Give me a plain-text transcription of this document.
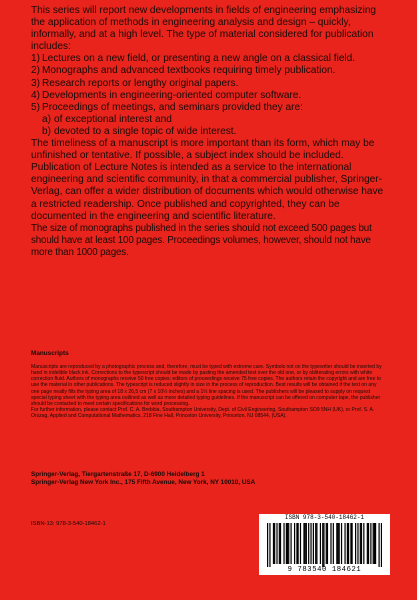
This series will report new developments in fields of engineering emphasizing the application of methods in engineering analysis and design – quickly, informally, and at a high level. The type of material considered for publication includes:

1) Lectures on a new field, or presenting a new angle on a classical field.
2) Monographs and advanced textbooks requiring timely publication.
3) Research reports or lengthy original papers.
4) Developments in engineering-oriented computer software.
5) Proceedings of meetings, and seminars provided they are:
a) of exceptional interest and
b) devoted to a single topic of wide interest.

The timeliness of a manuscript is more important than its form, which may be unfinished or tentative. If possible, a subject index should be included.

Publication of Lecture Notes is intended as a service to the international engineering and scientific community, in that a commercial publisher, Springer-Verlag, can offer a wider distribution of documents which would otherwise have a restricted readership. Once published and copyrighted, they can be documented in the engineering and scientific literature.

The size of monographs published in the series should not exceed 500 pages but should have at least 100 pages. Proceedings volumes, however, should not have more than 1000 pages.

Manuscripts

Manuscripts are reproduced by a photographic process and, therefore, must be typed with extreme care. Symbols not on the typewriter should be inserted by hand in indelible black ink. Corrections to the typescript should be made by pasting the amended text over the old one, or by obliterating errors with white correction fluid. Authors of monographs receive 50 free copies; editors of proceedings receive 75 free copies. The authors retain the copyright and are free to use the material in other publications. The typescript is reduced slightly in size in the process of reproduction. Best results will be obtained if the text on any one page neatly fills the typing area of 18 x 26,5 cm (7 x 10½ inches) and a 1½ line spacing is used. The publishers will be pleased to supply on request special typing sheet with the typing area outlined as well as more detailed typing guidelines. If the manuscript can be offered on computer tape, the publisher should be contacted to meet certain specifications for word processing.

For further information, please contact Prof. C. A. Brebbia, Southampton University, Dept. of Civil Engineering, Southampton SO9 5NH (UK), or Prof. S. A. Orszag, Applied and Computational Mathematics, 218 Fine Hall, Princeton University, Princeton, NJ 08544, (USA).

Springer-Verlag, Tiergartenstraße 17, D-6900 Heidelberg 1
Springer-Verlag New York Inc., 175 Fifth Avenue, New York, NY 10010, USA

ISBN-13: 978-3-540-18462-1

ISBN 978-3-540-18462-1
9 783540 184621
